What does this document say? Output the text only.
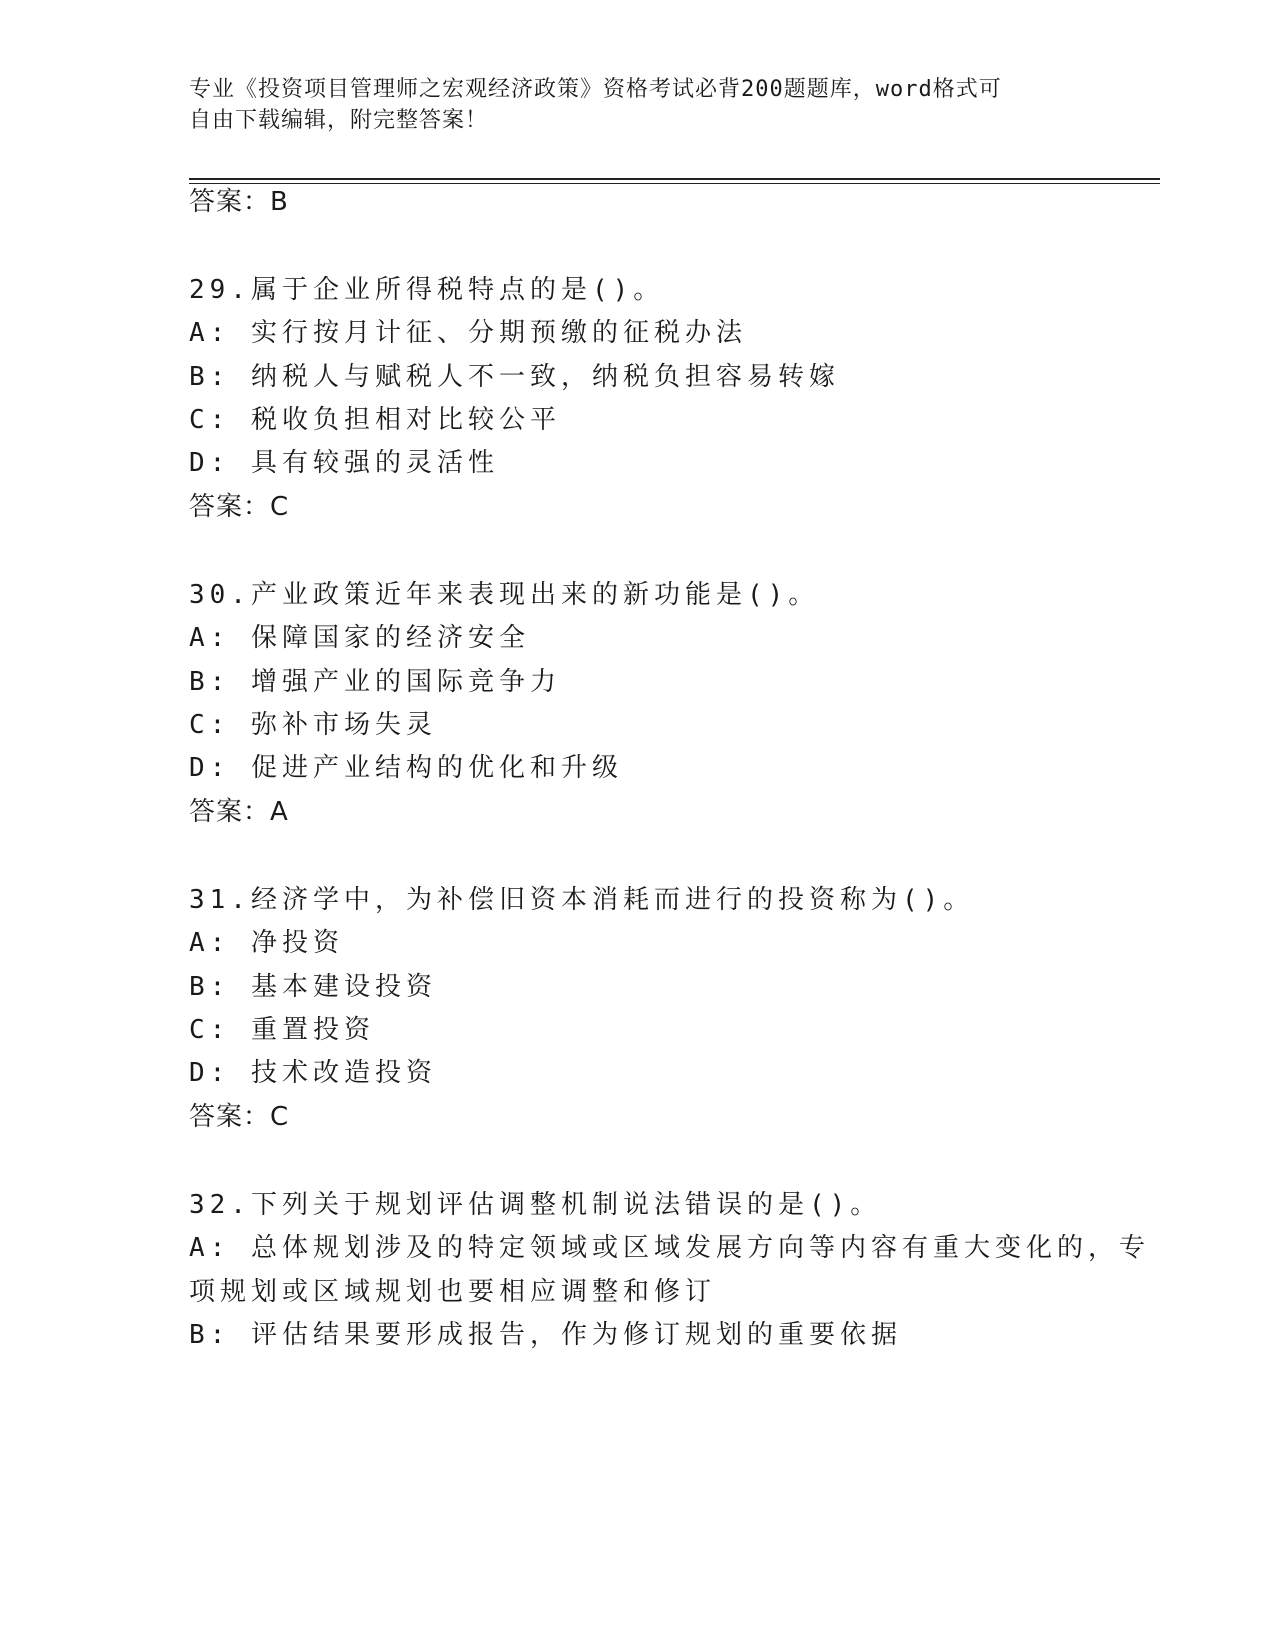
专业《投资项目管理师之宏观经济政策》资格考试必背200题题库，word格式可
自由下载编辑，附完整答案！
答案：B
29.属于企业所得税特点的是()。
A: 实行按月计征、分期预缴的征税办法
B: 纳税人与赋税人不一致，纳税负担容易转嫁
C: 税收负担相对比较公平
D: 具有较强的灵活性
答案：C
30.产业政策近年来表现出来的新功能是()。
A: 保障国家的经济安全
B: 增强产业的国际竞争力
C: 弥补市场失灵
D: 促进产业结构的优化和升级
答案：A
31.经济学中，为补偿旧资本消耗而进行的投资称为()。
A: 净投资
B: 基本建设投资
C: 重置投资
D: 技术改造投资
答案：C
32.下列关于规划评估调整机制说法错误的是()。
A: 总体规划涉及的特定领域或区域发展方向等内容有重大变化的，专
项规划或区域规划也要相应调整和修订
B: 评估结果要形成报告，作为修订规划的重要依据
